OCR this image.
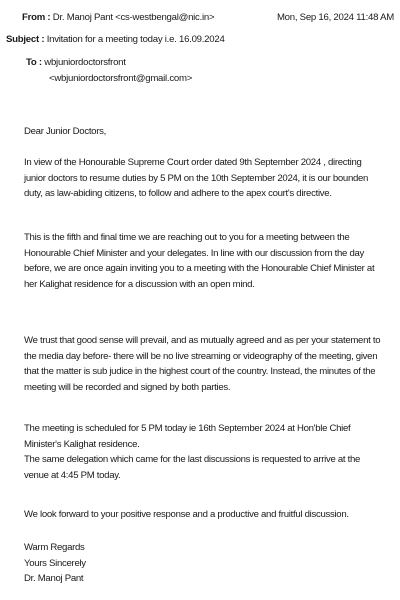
From : Dr. Manoj Pant <cs-westbengal@nic.in>	Mon, Sep 16, 2024 11:48 AM
Subject : Invitation for a meeting today i.e. 16.09.2024
To : wbjuniordoctorsfront
<wbjuniordoctorsfront@gmail.com>

Dear Junior Doctors,

In view of the Honourable Supreme Court order dated 9th September 2024 , directing
junior doctors to resume duties by 5 PM on the 10th September 2024, it is our bounden
duty, as law-abiding citizens, to follow and adhere to the apex court's directive.

This is the fifth and final time we are reaching out to you for a meeting between the
Honourable Chief Minister and your delegates. In line with our discussion from the day
before, we are once again inviting you to a meeting with the Honourable Chief Minister at
her Kalighat residence for a discussion with an open mind.

We trust that good sense will prevail, and as mutually agreed and as per your statement to
the media day before- there will be no live streaming or videography of the meeting, given
that the matter is sub judice in the highest court of the country. Instead, the minutes of the
meeting will be recorded and signed by both parties.

The meeting is scheduled for 5 PM today ie 16th September 2024 at Hon'ble Chief
Minister's Kalighat residence.
The same delegation which came for the last discussions is requested to arrive at the
venue at 4:45 PM today.

We look forward to your positive response and a productive and fruitful discussion.

Warm Regards
Yours Sincerely
Dr. Manoj Pant
